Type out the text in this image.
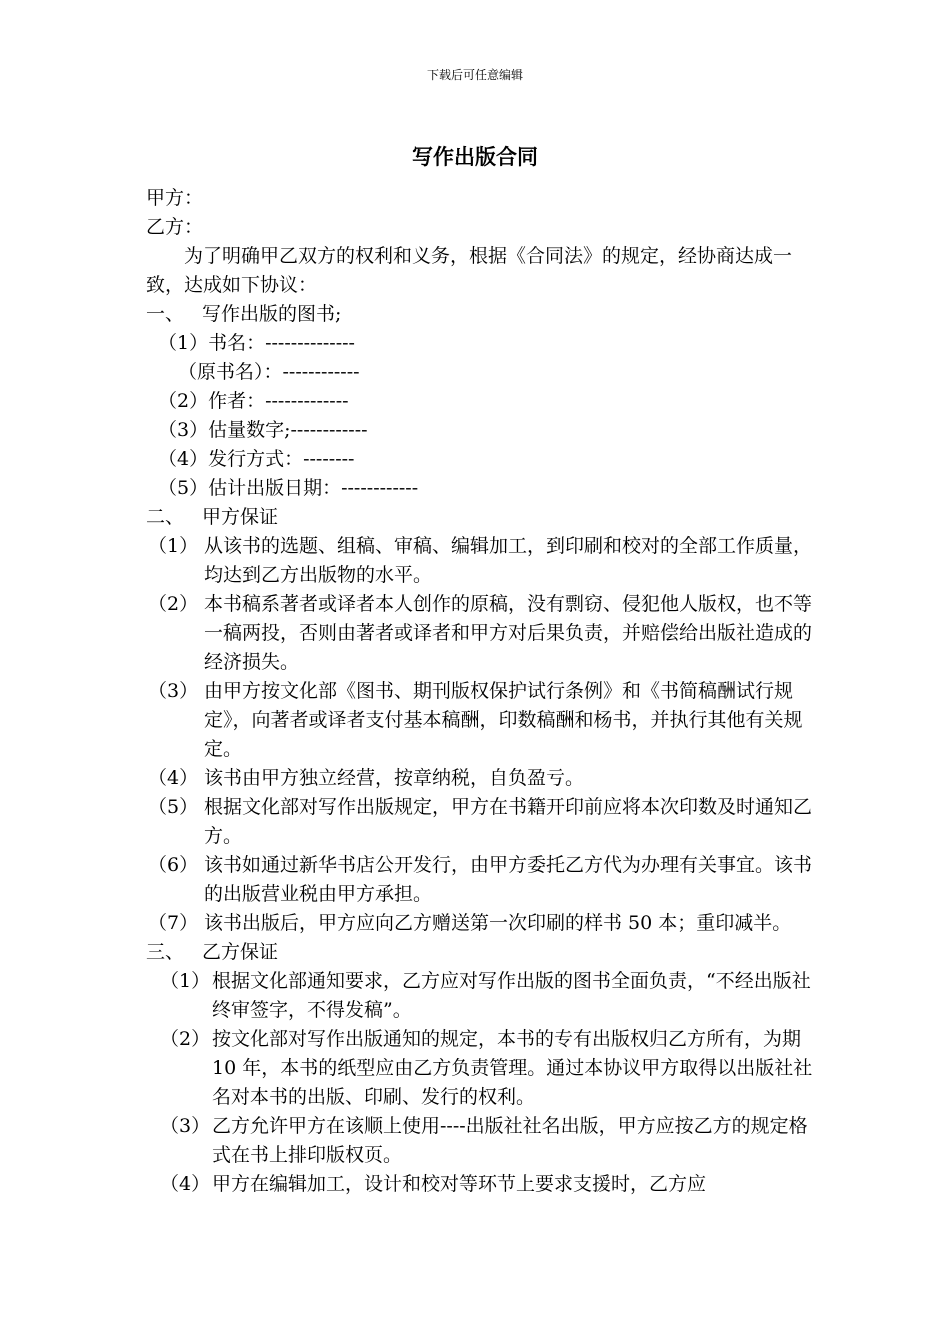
下载后可任意编辑
写作出版合同
甲方：
乙方：
为了明确甲乙双方的权利和义务，根据《合同法》的规定，经协商达成一致，达成如下协议：
一、 写作出版的图书;
（1）书名：--------------
（原书名）：------------
（2）作者：-------------
（3）估量数字;------------
（4）发行方式：--------
（5）估计出版日期：------------
二、 甲方保证
（1） 从该书的选题、组稿、审稿、编辑加工，到印刷和校对的全部工作质量，均达到乙方出版物的水平。
（2） 本书稿系著者或译者本人创作的原稿，没有剽窃、侵犯他人版权，也不等一稿两投，否则由著者或译者和甲方对后果负责，并赔偿给出版社造成的经济损失。
（3） 由甲方按文化部《图书、期刊版权保护试行条例》和《书简稿酬试行规定》，向著者或译者支付基本稿酬，印数稿酬和杨书，并执行其他有关规定。
（4） 该书由甲方独立经营，按章纳税，自负盈亏。
（5） 根据文化部对写作出版规定，甲方在书籍开印前应将本次印数及时通知乙方。
（6） 该书如通过新华书店公开发行，由甲方委托乙方代为办理有关事宜。该书的出版营业税由甲方承担。
（7） 该书出版后，甲方应向乙方赠送第一次印刷的样书 50 本；重印减半。
三、 乙方保证
（1） 根据文化部通知要求，乙方应对写作出版的图书全面负责，“不经出版社终审签字，不得发稿”。
（2） 按文化部对写作出版通知的规定，本书的专有出版权归乙方所有，为期 10 年，本书的纸型应由乙方负责管理。通过本协议甲方取得以出版社社名对本书的出版、印刷、发行的权利。
（3） 乙方允许甲方在该顺上使用----出版社社名出版，甲方应按乙方的规定格式在书上排印版权页。
（4） 甲方在编辑加工，设计和校对等环节上要求支援时，乙方应
